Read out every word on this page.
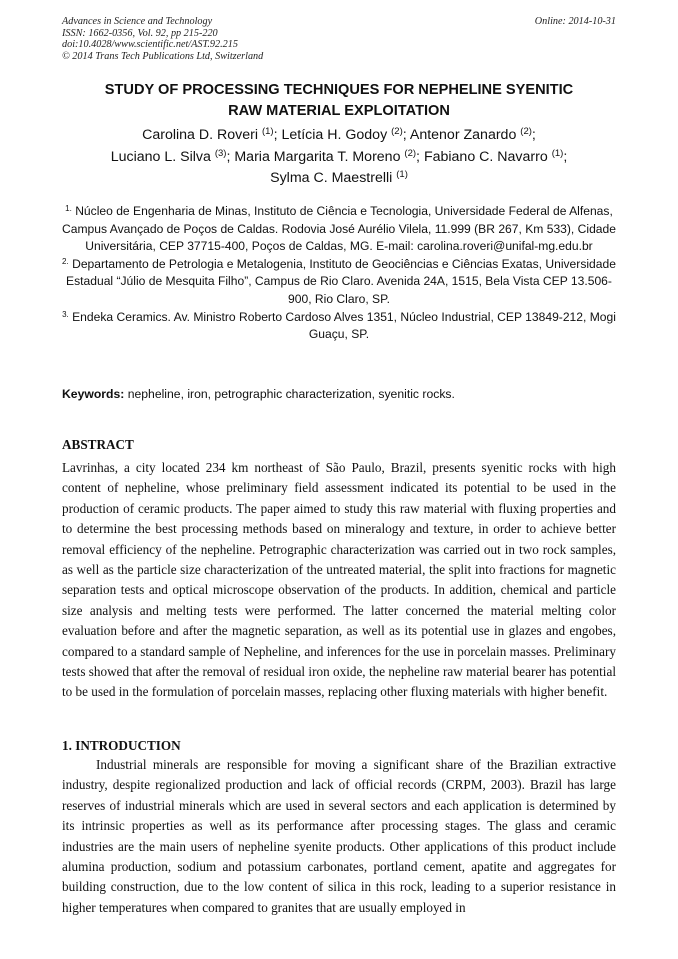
Advances in Science and Technology
ISSN: 1662-0356, Vol. 92, pp 215-220
doi:10.4028/www.scientific.net/AST.92.215
© 2014 Trans Tech Publications Ltd, Switzerland
Online: 2014-10-31
STUDY OF PROCESSING TECHNIQUES FOR NEPHELINE SYENITIC
RAW MATERIAL EXPLOITATION
Carolina D. Roveri $^{(1)}$; Letícia H. Godoy $^{(2)}$; Antenor Zanardo $^{(2)}$;
Luciano L. Silva $^{(3)}$; Maria Margarita T. Moreno $^{(2)}$; Fabiano C. Navarro $^{(1)}$;
Sylma C. Maestrelli $^{(1)}$

$^{1.}$ Núcleo de Engenharia de Minas, Instituto de Ciência e Tecnologia, Universidade Federal de Alfenas, Campus Avançado de Poços de Caldas. Rodovia José Aurélio Vilela, 11.999 (BR 267, Km 533), Cidade Universitária, CEP 37715-400, Poços de Caldas, MG. E-mail: carolina.roveri@unifal-mg.edu.br

$^{2.}$ Departamento de Petrologia e Metalogenia, Instituto de Geociências e Ciências Exatas, Universidade Estadual “Júlio de Mesquita Filho”, Campus de Rio Claro. Avenida 24A, 1515, Bela Vista CEP 13.506-900, Rio Claro, SP.

$^{3.}$ Endeka Ceramics. Av. Ministro Roberto Cardoso Alves 1351, Núcleo Industrial, CEP 13849-212, Mogi Guaçu, SP.

Keywords: nepheline, iron, petrographic characterization, syenitic rocks.
ABSTRACT

Lavrinhas, a city located 234 km northeast of São Paulo, Brazil, presents syenitic rocks with high content of nepheline, whose preliminary field assessment indicated its potential to be used in the production of ceramic products. The paper aimed to study this raw material with fluxing properties and to determine the best processing methods based on mineralogy and texture, in order to achieve better removal efficiency of the nepheline. Petrographic characterization was carried out in two rock samples, as well as the particle size characterization of the untreated material, the split into fractions for magnetic separation tests and optical microscope observation of the products. In addition, chemical and particle size analysis and melting tests were performed. The latter concerned the material melting color evaluation before and after the magnetic separation, as well as its potential use in glazes and engobes, compared to a standard sample of Nepheline, and inferences for the use in porcelain masses. Preliminary tests showed that after the removal of residual iron oxide, the nepheline raw material bearer has potential to be used in the formulation of porcelain masses, replacing other fluxing materials with higher benefit.

1. INTRODUCTION

Industrial minerals are responsible for moving a significant share of the Brazilian extractive industry, despite regionalized production and lack of official records (CRPM, 2003). Brazil has large reserves of industrial minerals which are used in several sectors and each application is determined by its intrinsic properties as well as its performance after processing stages. The glass and ceramic industries are the main users of nepheline syenite products. Other applications of this product include alumina production, sodium and potassium carbonates, portland cement, apatite and aggregates for building construction, due to the low content of silica in this rock, leading to a superior resistance in higher temperatures when compared to granites that are usually employed in
